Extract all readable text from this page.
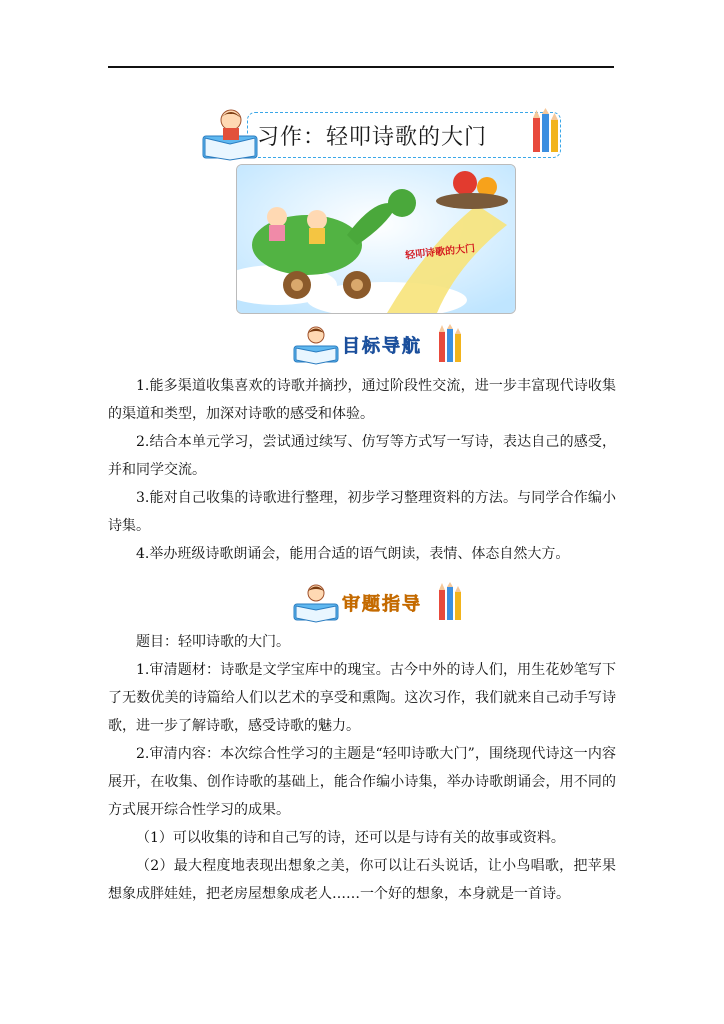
习作：轻叩诗歌的大门
轻叩诗歌的大门
目标导航

1.能多渠道收集喜欢的诗歌并摘抄，通过阶段性交流，进一步丰富现代诗收集的渠道和类型，加深对诗歌的感受和体验。

2.结合本单元学习，尝试通过续写、仿写等方式写一写诗，表达自己的感受，并和同学交流。

3.能对自己收集的诗歌进行整理，初步学习整理资料的方法。与同学合作编小诗集。

4.举办班级诗歌朗诵会，能用合适的语气朗读，表情、体态自然大方。

审题指导

题目：轻叩诗歌的大门。

1.审清题材：诗歌是文学宝库中的瑰宝。古今中外的诗人们，用生花妙笔写下了无数优美的诗篇给人们以艺术的享受和熏陶。这次习作，我们就来自己动手写诗歌，进一步了解诗歌，感受诗歌的魅力。

2.审清内容：本次综合性学习的主题是“轻叩诗歌大门”，围绕现代诗这一内容展开，在收集、创作诗歌的基础上，能合作编小诗集，举办诗歌朗诵会，用不同的方式展开综合性学习的成果。

（1）可以收集的诗和自己写的诗，还可以是与诗有关的故事或资料。

（2）最大程度地表现出想象之美，你可以让石头说话，让小鸟唱歌，把苹果想象成胖娃娃，把老房屋想象成老人……一个好的想象，本身就是一首诗。
